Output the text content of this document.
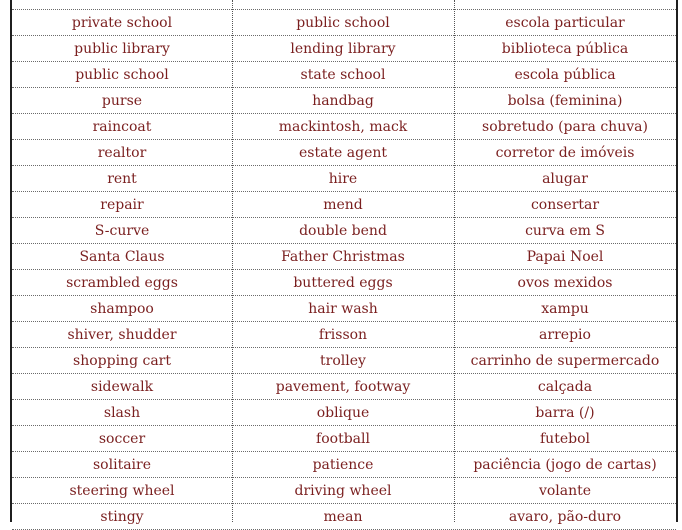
private school	public school	escola particular
public library	lending library	biblioteca pública
public school	state school	escola pública
purse	handbag	bolsa (feminina)
raincoat	mackintosh, mack	sobretudo (para chuva)
realtor	estate agent	corretor de imóveis
rent	hire	alugar
repair	mend	consertar
S-curve	double bend	curva em S
Santa Claus	Father Christmas	Papai Noel
scrambled eggs	buttered eggs	ovos mexidos
shampoo	hair wash	xampu
shiver, shudder	frisson	arrepio
shopping cart	trolley	carrinho de supermercado
sidewalk	pavement, footway	calçada
slash	oblique	barra (/)
soccer	football	futebol
solitaire	patience	paciência (jogo de cartas)
steering wheel	driving wheel	volante
stingy	mean	avaro, pão-duro
